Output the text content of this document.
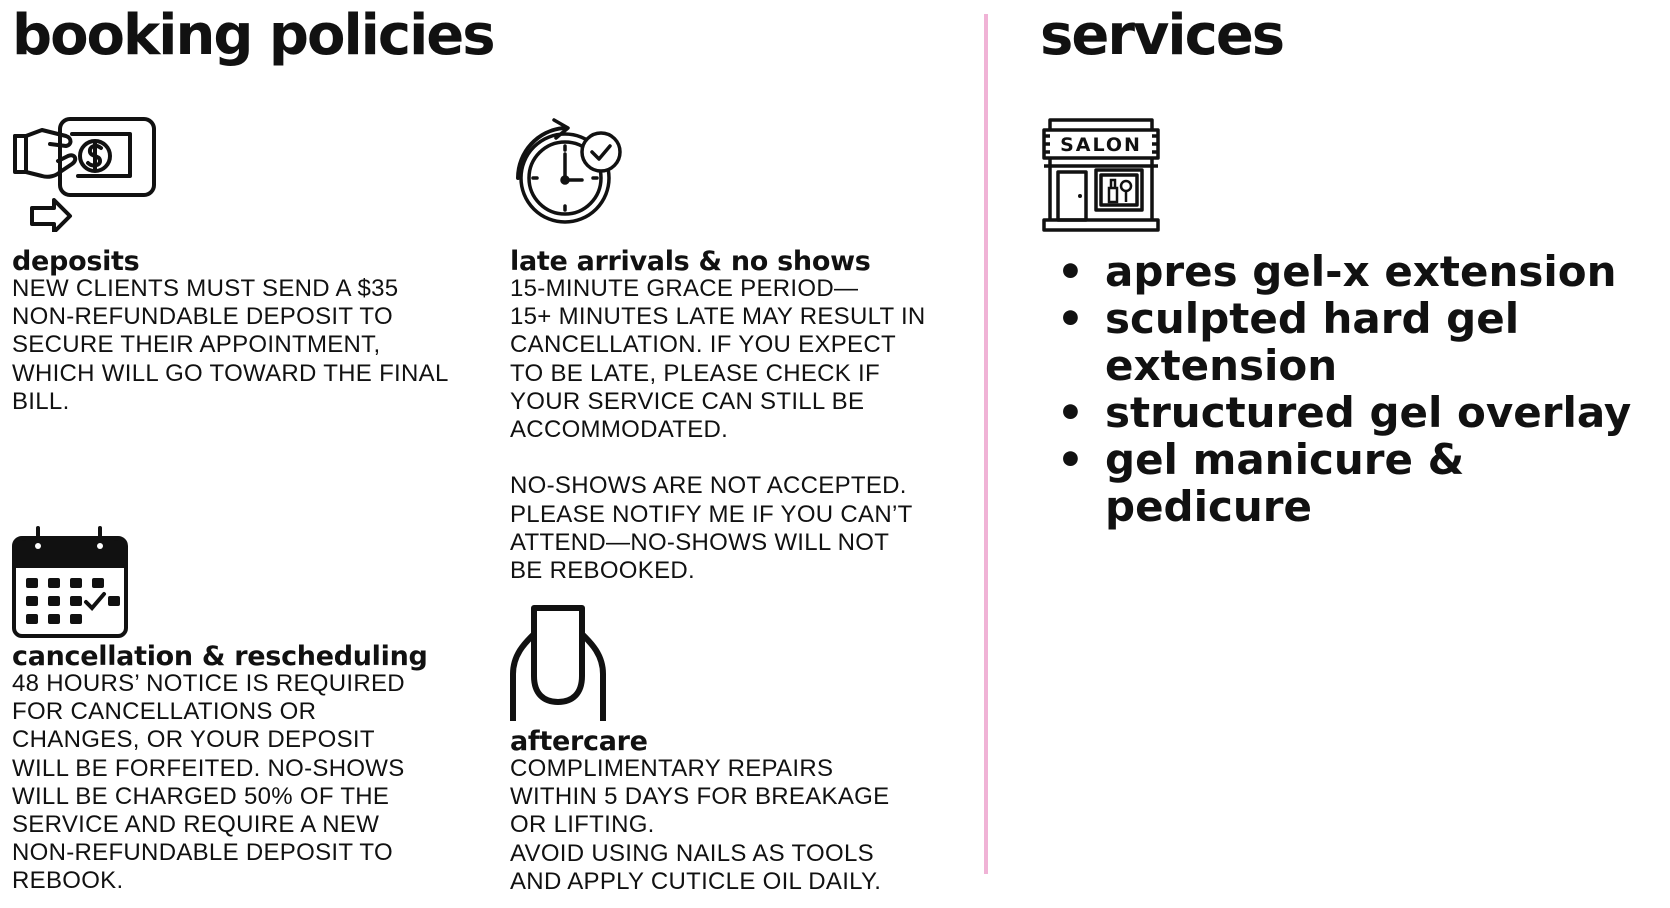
booking policies	services
SALON
deposits

NEW CLIENTS MUST SEND A $35
NON-REFUNDABLE DEPOSIT TO
SECURE THEIR APPOINTMENT,
WHICH WILL GO TOWARD THE FINAL
BILL.

late arrivals & no shows

15-MINUTE GRACE PERIOD—
15+ MINUTES LATE MAY RESULT IN
CANCELLATION. IF YOU EXPECT
TO BE LATE, PLEASE CHECK IF
YOUR SERVICE CAN STILL BE
ACCOMMODATED.

NO-SHOWS ARE NOT ACCEPTED.
PLEASE NOTIFY ME IF YOU CAN’T
ATTEND—NO-SHOWS WILL NOT
BE REBOOKED.

cancellation & rescheduling

48 HOURS’ NOTICE IS REQUIRED
FOR CANCELLATIONS OR
CHANGES, OR YOUR DEPOSIT
WILL BE FORFEITED. NO-SHOWS
WILL BE CHARGED 50% OF THE
SERVICE AND REQUIRE A NEW
NON-REFUNDABLE DEPOSIT TO
REBOOK.

aftercare

COMPLIMENTARY REPAIRS
WITHIN 5 DAYS FOR BREAKAGE
OR LIFTING.
AVOID USING NAILS AS TOOLS
AND APPLY CUTICLE OIL DAILY.

• apres gel-x extension
• sculpted hard gel extension
• structured gel overlay
• gel manicure & pedicure
